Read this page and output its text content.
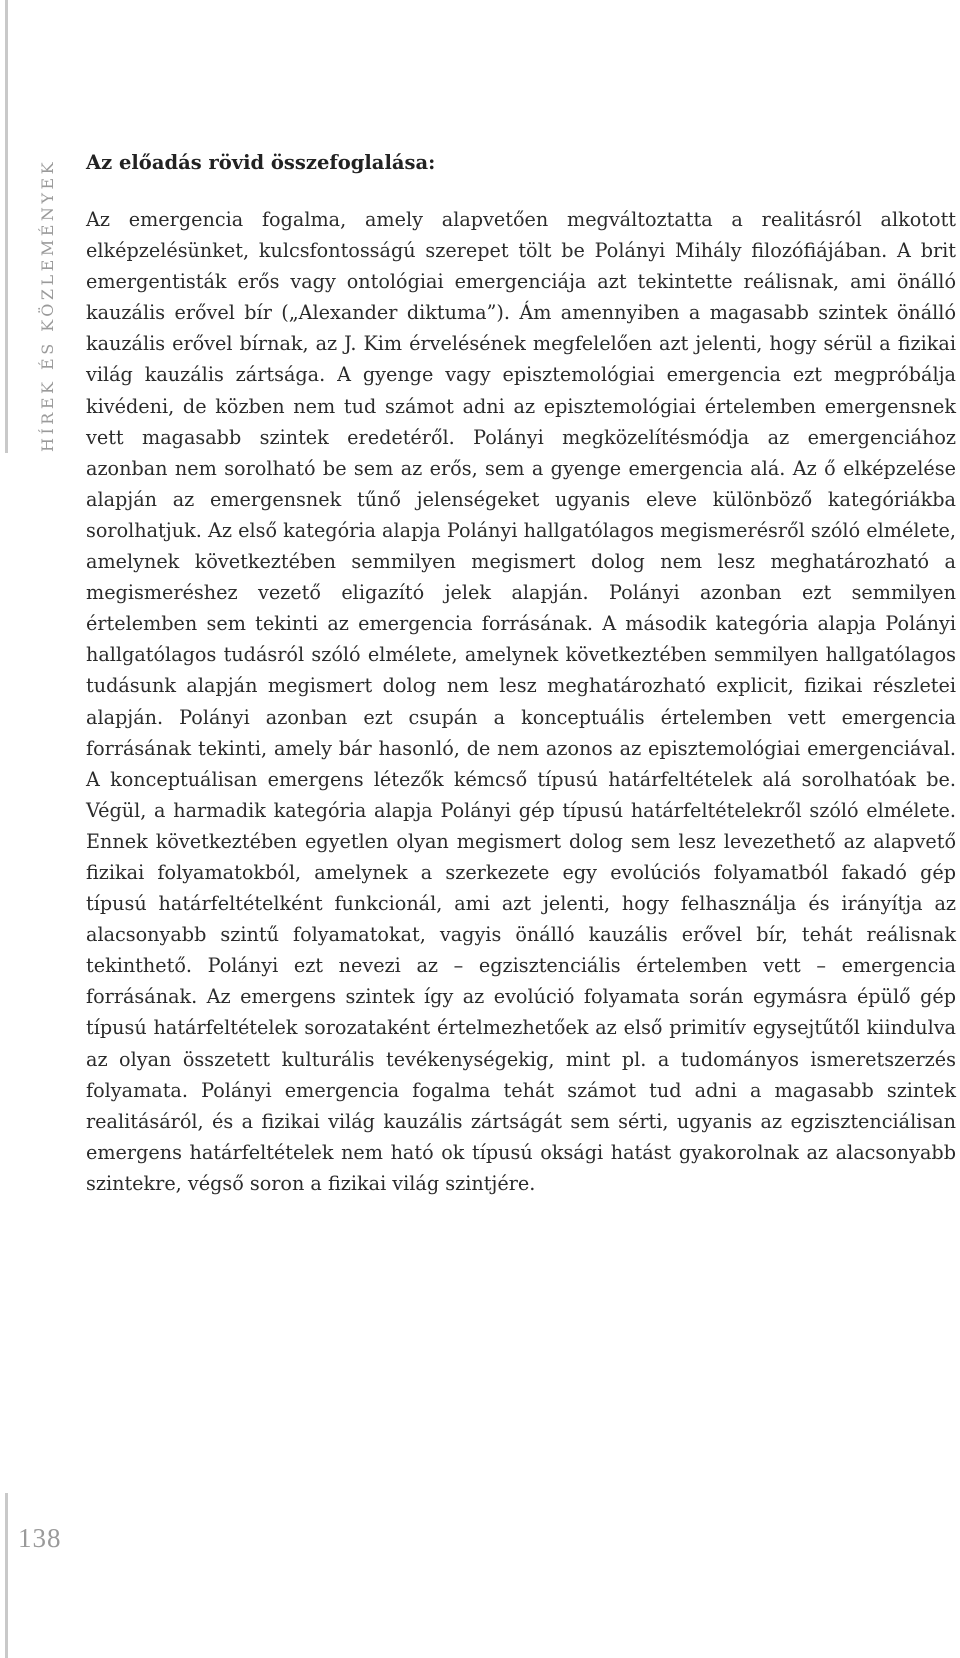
HÍREK ÉS KÖZLEMÉNYEK
138
Az előadás rövid összefoglalása:

Az emergencia fogalma, amely alapvetően megváltoztatta a realitásról alkotott elképzelésünket, kulcsfontosságú szerepet tölt be Polányi Mihály filozófiájában. A brit emergentisták erős vagy ontológiai emergenciája azt tekintette reálisnak, ami önálló kauzális erővel bír („Alexander diktuma”). Ám amennyiben a magasabb szintek önálló kauzális erővel bírnak, az J. Kim érvelésének megfelelően azt jelenti, hogy sérül a fizikai világ kauzális zártsága. A gyenge vagy episztemológiai emergencia ezt megpróbálja kivédeni, de közben nem tud számot adni az episztemológiai értelemben emergensnek vett magasabb szintek eredetéről. Polányi megközelítésmódja az emergenciához azonban nem sorolható be sem az erős, sem a gyenge emergencia alá. Az ő elképzelése alapján az emergensnek tűnő jelenségeket ugyanis eleve különböző kategóriákba sorolhatjuk. Az első kategória alapja Polányi hallgatólagos megismerésről szóló elmélete, amelynek következtében semmilyen megismert dolog nem lesz meghatározható a megismeréshez vezető eligazító jelek alapján. Polányi azonban ezt semmilyen értelemben sem tekinti az emergencia forrásának. A második kategória alapja Polányi hallgatólagos tudásról szóló elmélete, amelynek következtében semmilyen hallgatólagos tudásunk alapján megismert dolog nem lesz meghatározható explicit, fizikai részletei alapján. Polányi azonban ezt csupán a konceptuális értelemben vett emergencia forrásának tekinti, amely bár hasonló, de nem azonos az episztemológiai emergenciával. A konceptuálisan emergens létezők kémcső típusú határfeltételek alá sorolhatóak be. Végül, a harmadik kategória alapja Polányi gép típusú határfeltételekről szóló elmélete. Ennek következtében egyetlen olyan megismert dolog sem lesz levezethető az alapvető fizikai folyamatokból, amelynek a szerkezete egy evolúciós folyamatból fakadó gép típusú határfeltételként funkcionál, ami azt jelenti, hogy felhasználja és irányítja az alacsonyabb szintű folyamatokat, vagyis önálló kauzális erővel bír, tehát reálisnak tekinthető. Polányi ezt nevezi az – egzisztenciális értelemben vett – emergencia forrásának. Az emergens szintek így az evolúció folyamata során egymásra épülő gép típusú határfeltételek sorozataként értelmezhetőek az első primitív egysejtűtől kiindulva az olyan összetett kulturális tevékenységekig, mint pl. a tudományos ismeretszerzés folyamata. Polányi emergencia fogalma tehát számot tud adni a magasabb szintek realitásáról, és a fizikai világ kauzális zártságát sem sérti, ugyanis az egzisztenciálisan emergens határfeltételek nem ható ok típusú oksági hatást gyakorolnak az alacsonyabb szintekre, végső soron a fizikai világ szintjére.
